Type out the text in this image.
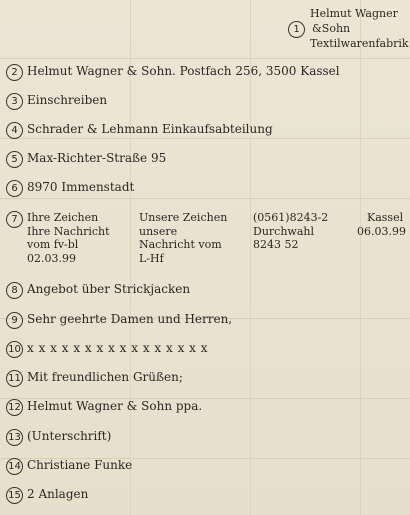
1
Helmut Wagner
&Sohn
Textilwarenfabrik
2 Helmut Wagner & Sohn. Postfach 256, 3500 Kassel
3 Einschreiben
4 Schrader & Lehmann Einkaufsabteilung
5 Max-Richter-Straße 95
6 8970 Immenstadt
7 Ihre Zeichen
Ihre Nachricht
vom fv-bl
02.03.99
Unsere Zeichen
unsere
Nachricht vom
L-Hf
(0561)8243-2
Durchwahl
8243 52
Kassel
06.03.99
8 Angebot über Strickjacken
9 Sehr geehrte Damen und Herren,
10 x x x x x x x x x x x x x x x x
11 Mit freundlichen Grüßen;
12 Helmut Wagner & Sohn ppa.
13 (Unterschrift)
14 Christiane Funke
15 2 Anlagen
